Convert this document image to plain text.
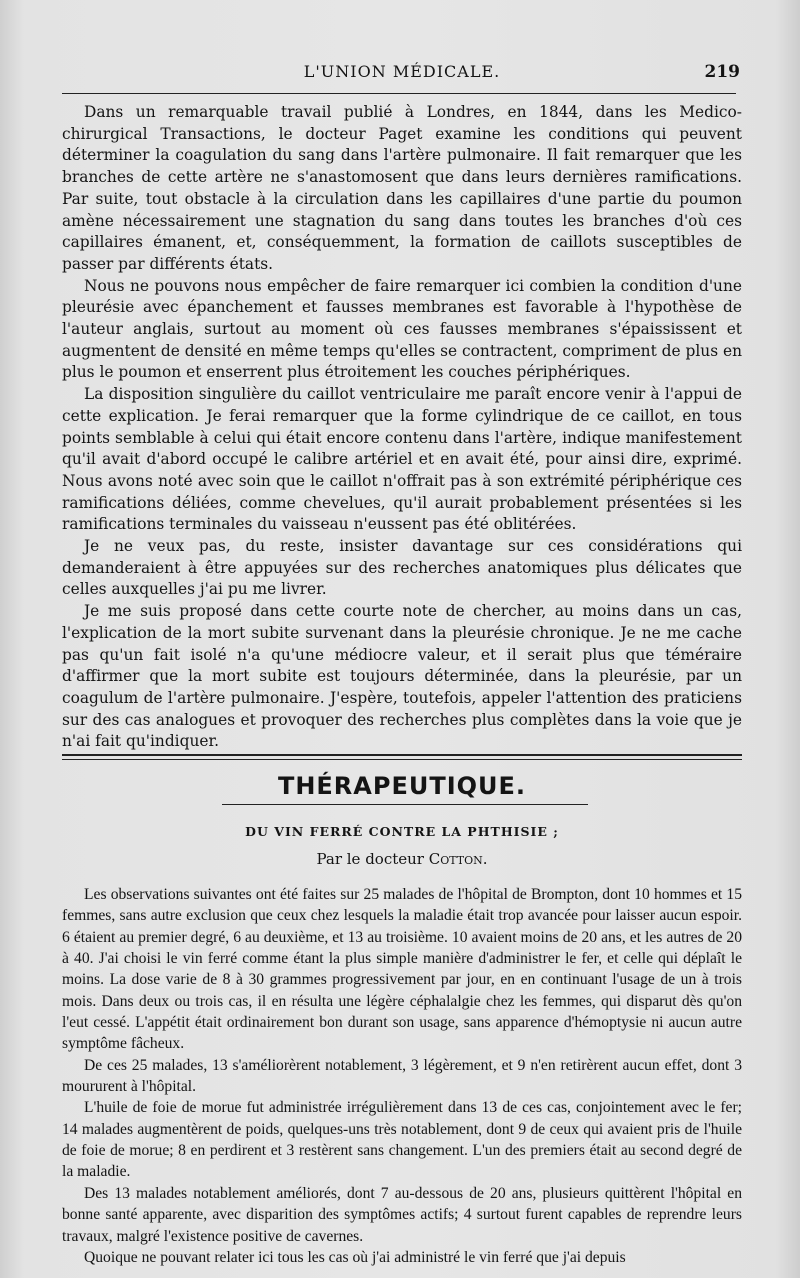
L'UNION MÉDICALE.	219

Dans un remarquable travail publié à Londres, en 1844, dans les Medico-chirurgical Transactions, le docteur Paget examine les conditions qui peuvent déterminer la coagulation du sang dans l'artère pulmonaire. Il fait remarquer que les branches de cette artère ne s'anastomosent que dans leurs dernières ramifications. Par suite, tout obstacle à la circulation dans les capillaires d'une partie du poumon amène nécessairement une stagnation du sang dans toutes les branches d'où ces capillaires émanent, et, conséquemment, la formation de caillots susceptibles de passer par différents états.

Nous ne pouvons nous empêcher de faire remarquer ici combien la condition d'une pleurésie avec épanchement et fausses membranes est favorable à l'hypothèse de l'auteur anglais, surtout au moment où ces fausses membranes s'épaississent et augmentent de densité en même temps qu'elles se contractent, compriment de plus en plus le poumon et enserrent plus étroitement les couches périphériques.

La disposition singulière du caillot ventriculaire me paraît encore venir à l'appui de cette explication. Je ferai remarquer que la forme cylindrique de ce caillot, en tous points semblable à celui qui était encore contenu dans l'artère, indique manifestement qu'il avait d'abord occupé le calibre artériel et en avait été, pour ainsi dire, exprimé. Nous avons noté avec soin que le caillot n'offrait pas à son extrémité périphérique ces ramifications déliées, comme chevelues, qu'il aurait probablement présentées si les ramifications terminales du vaisseau n'eussent pas été oblitérées.

Je ne veux pas, du reste, insister davantage sur ces considérations qui demanderaient à être appuyées sur des recherches anatomiques plus délicates que celles auxquelles j'ai pu me livrer.

Je me suis proposé dans cette courte note de chercher, au moins dans un cas, l'explication de la mort subite survenant dans la pleurésie chronique. Je ne me cache pas qu'un fait isolé n'a qu'une médiocre valeur, et il serait plus que téméraire d'affirmer que la mort subite est toujours déterminée, dans la pleurésie, par un coagulum de l'artère pulmonaire. J'espère, toutefois, appeler l'attention des praticiens sur des cas analogues et provoquer des recherches plus complètes dans la voie que je n'ai fait qu'indiquer.

THÉRAPEUTIQUE.
DU VIN FERRÉ CONTRE LA PHTHISIE ;
Par le docteur Cotton.

Les observations suivantes ont été faites sur 25 malades de l'hôpital de Brompton, dont 10 hommes et 15 femmes, sans autre exclusion que ceux chez lesquels la maladie était trop avancée pour laisser aucun espoir. 6 étaient au premier degré, 6 au deuxième, et 13 au troisième. 10 avaient moins de 20 ans, et les autres de 20 à 40. J'ai choisi le vin ferré comme étant la plus simple manière d'administrer le fer, et celle qui déplaît le moins. La dose varie de 8 à 30 grammes progressivement par jour, en en continuant l'usage de un à trois mois. Dans deux ou trois cas, il en résulta une légère céphalalgie chez les femmes, qui disparut dès qu'on l'eut cessé. L'appétit était ordinairement bon durant son usage, sans apparence d'hémoptysie ni aucun autre symptôme fâcheux.

De ces 25 malades, 13 s'améliorèrent notablement, 3 légèrement, et 9 n'en retirèrent aucun effet, dont 3 moururent à l'hôpital.

L'huile de foie de morue fut administrée irrégulièrement dans 13 de ces cas, conjointement avec le fer; 14 malades augmentèrent de poids, quelques-uns très notablement, dont 9 de ceux qui avaient pris de l'huile de foie de morue; 8 en perdirent et 3 restèrent sans changement. L'un des premiers était au second degré de la maladie.

Des 13 malades notablement améliorés, dont 7 au-dessous de 20 ans, plusieurs quittèrent l'hôpital en bonne santé apparente, avec disparition des symptômes actifs; 4 surtout furent capables de reprendre leurs travaux, malgré l'existence positive de cavernes.

Quoique ne pouvant relater ici tous les cas où j'ai administré le vin ferré que j'ai depuis
